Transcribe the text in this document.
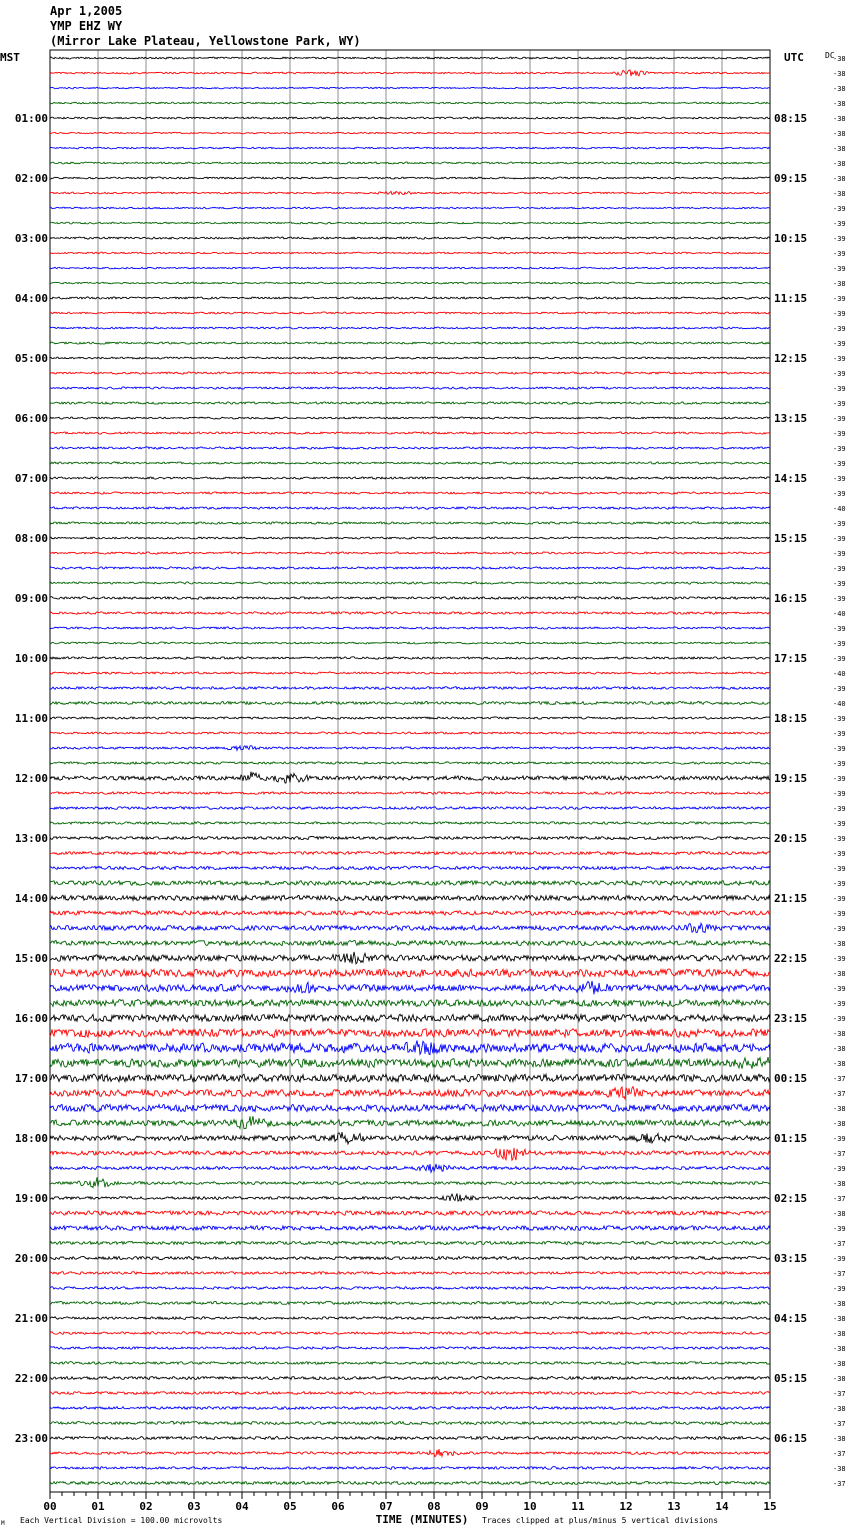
Apr 1,2005
YMP EHZ WY
(Mirror Lake Plateau, Yellowstone Park, WY)
MST	UTC	DC
01:00
02:00
03:00
04:00
05:00
06:00
07:00
08:00
09:00
10:00
11:00
12:00
13:00
14:00
15:00
16:00
17:00
18:00
19:00
20:00
21:00
22:00
23:00
08:15
09:15
10:15
11:15
12:15
13:15
14:15
15:15
16:15
17:15
18:15
19:15
20:15
21:15
22:15
23:15
00:15
01:15
02:15
03:15
04:15
05:15
06:15
-38
-38
-38
-38
-38
-38
-38
-38
-38
-38
-39
-39
-39
-39
-39
-38
-39
-39
-39
-39
-39
-39
-39
-39
-39
-39
-39
-39
-39
-39
-40
-39
-39
-39
-39
-39
-39
-40
-39
-39
-39
-40
-39
-40
-39
-39
-39
-39
-39
-39
-39
-39
-39
-39
-39
-39
-39
-39
-39
-38
-39
-38
-39
-39
-39
-38
-38
-38
-37
-37
-38
-38
-39
-37
-39
-38
-37
-38
-39
-37
-39
-37
-39
-38
-38
-38
-38
-38
-38
-37
-38
-37
-38
-37
-38
-37
00	01	02	03	04	05	06	07	08	09	10	11	12	13	14	15
TIME (MINUTES)
Each Vertical Division = 100.00 microvolts	Traces clipped at plus/minus 5 vertical divisions
M
